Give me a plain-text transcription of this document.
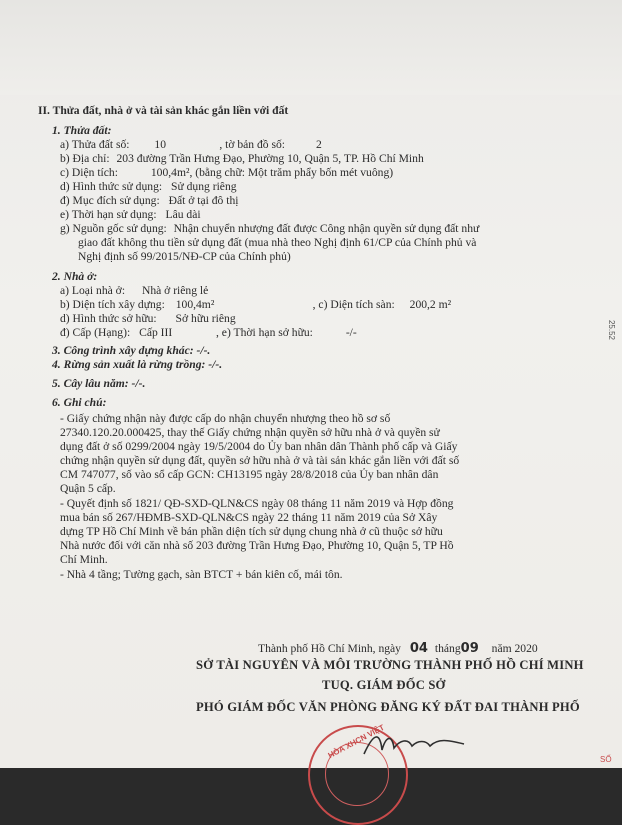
II. Thửa đất, nhà ở và tài sản khác gắn liền với đất
1. Thửa đất:
a) Thửa đất số: 10	, tờ bản đồ số:	2
b) Địa chỉ: 203 đường Trần Hưng Đạo, Phường 10, Quận 5, TP. Hồ Chí Minh
c) Diện tích:	100,4m², (bằng chữ: Một trăm phẩy bốn mét vuông)
d) Hình thức sử dụng: Sử dụng riêng
đ) Mục đích sử dụng: Đất ở tại đô thị
e) Thời hạn sử dụng: Lâu dài
g) Nguồn gốc sử dụng: Nhận chuyển nhượng đất được Công nhận quyền sử dụng đất như
giao đất không thu tiền sử dụng đất (mua nhà theo Nghị định 61/CP của Chính phủ và
Nghị định số 99/2015/NĐ-CP của Chính phủ)
2. Nhà ở:
a) Loại nhà ở: Nhà ở riêng lẻ
b) Diện tích xây dựng: 100,4m²	, c) Diện tích sàn: 200,2 m²
d) Hình thức sở hữu: Sở hữu riêng
đ) Cấp (Hạng): Cấp III	, e) Thời hạn sở hữu:	-/-
3. Công trình xây dựng khác: -/-.
4. Rừng sản xuất là rừng trồng: -/-.
5. Cây lâu năm: -/-.
6. Ghi chú:
- Giấy chứng nhận này được cấp do nhận chuyển nhượng theo hồ sơ số
27340.120.20.000425, thay thế Giấy chứng nhận quyền sở hữu nhà ở và quyền sử
dụng đất ở số 0299/2004 ngày 19/5/2004 do Ủy ban nhân dân Thành phố cấp và Giấy
chứng nhận quyền sử dụng đất, quyền sở hữu nhà ở và tài sản khác gắn liền với đất số
CM 747077, số vào sổ cấp GCN: CH13195 ngày 28/8/2018 của Ủy ban nhân dân
Quận 5 cấp.
- Quyết định số 1821/ QĐ-SXD-QLN&CS ngày 08 tháng 11 năm 2019 và Hợp đồng
mua bán số 267/HĐMB-SXD-QLN&CS ngày 22 tháng 11 năm 2019 của Sở Xây
dựng TP Hồ Chí Minh về bán phần diện tích sử dụng chung nhà ở cũ thuộc sở hữu
Nhà nước đối với căn nhà số 203 đường Trần Hưng Đạo, Phường 10, Quận 5, TP Hồ
Chí Minh.
- Nhà 4 tầng; Tường gạch, sàn BTCT + bán kiên cố, mái tôn.
Thành phố Hồ Chí Minh, ngày 04 tháng09 năm 2020
SỞ TÀI NGUYÊN VÀ MÔI TRƯỜNG THÀNH PHỐ HỒ CHÍ MINH
TUQ. GIÁM ĐỐC SỞ
PHÓ GIÁM ĐỐC VĂN PHÒNG ĐĂNG KÝ ĐẤT ĐAI THÀNH PHỐ
25.52
HÒA XHCN VIỆT	SỐ
